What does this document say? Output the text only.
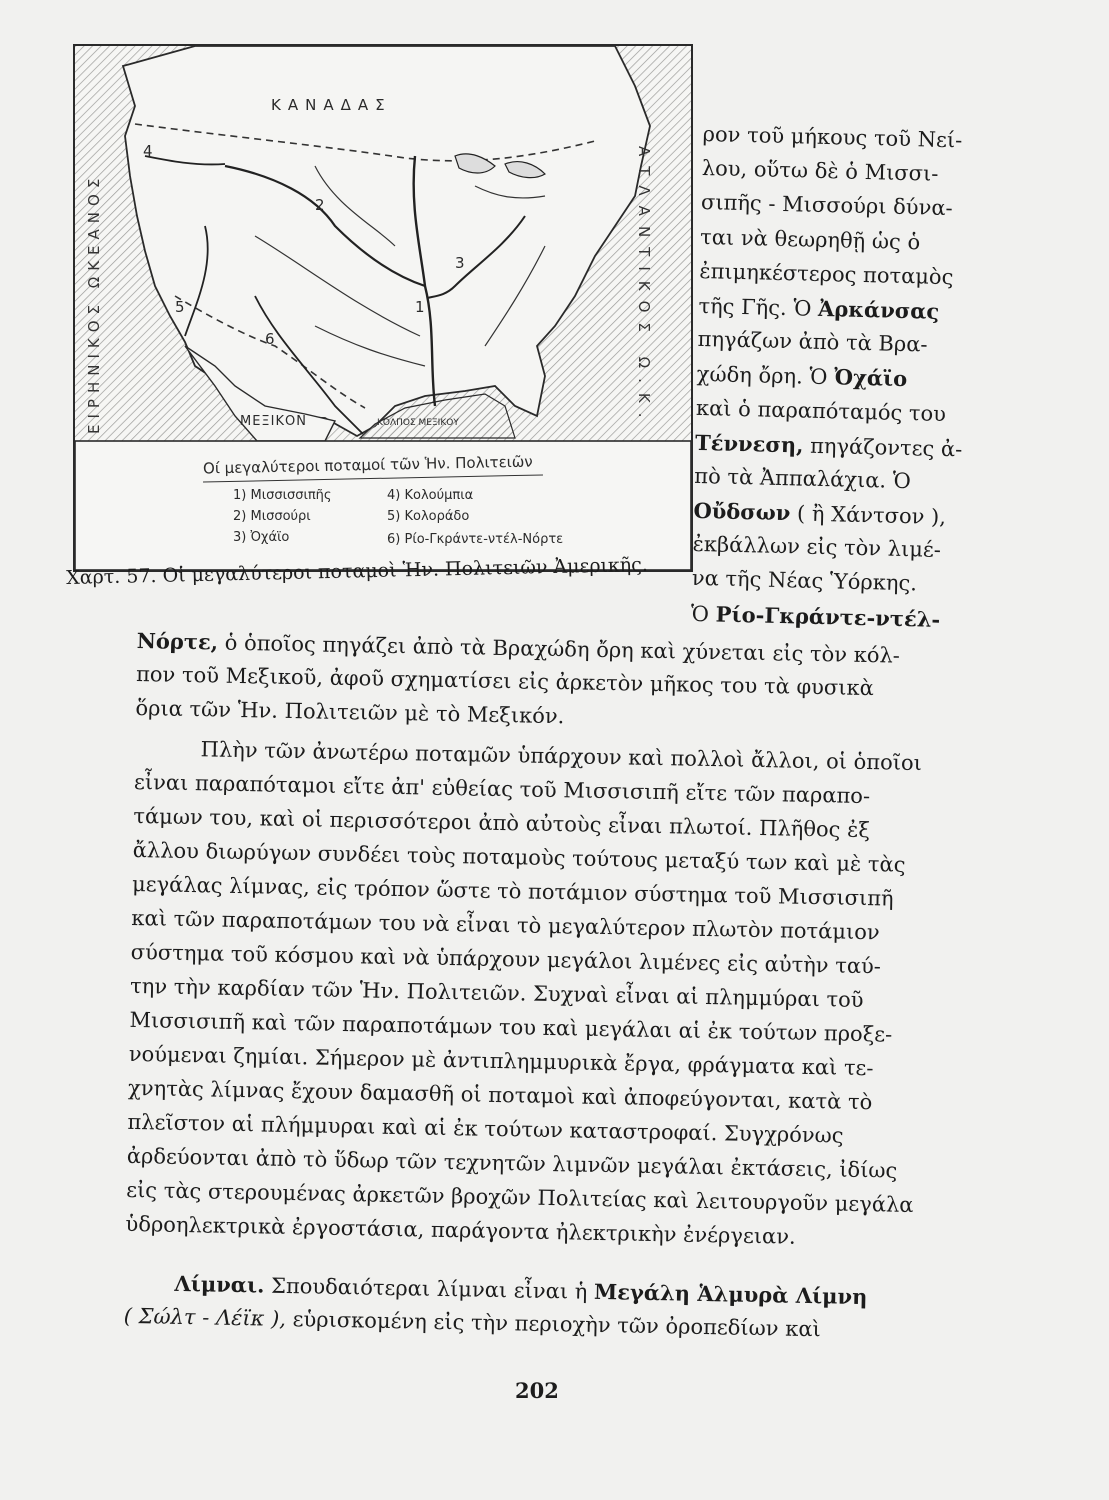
ΚΑΝΑΔΑΣ
ΜΕΞΙΚΟΝ	ΚΟΛΠΟΣ ΜΕΞΙΚΟΥ
ΕΙΡΗΝΙΚΟΣ ΩΚΕΑΝΟΣ	ΑΤΛΑΝΤΙΚΟΣ Ω.Κ.
1
2
3
4
5
6
Οί μεγαλύτεροι ποταμοί τῶν Ἡν. Πολιτειῶν
1) Μισσισσιπῆς
2) Μισσούρι
3) Ὀχάϊο
4) Κολούμπια
5) Κολοράδο
6) Ρίο-Γκράντε-ντέλ-Νόρτε
Χαρτ. 57. Οἱ μεγαλύτεροι ποταμοὶ Ἡν. Πολιτειῶν Ἀμερικῆς.
ρον τοῦ μήκους τοῦ Νεί-
λου, οὕτω δὲ ὁ Μισσι-
σιπῆς - Μισσούρι δύνα-
ται νὰ θεωρηθῇ ὡς ὁ
ἐπιμηκέστερος ποταμὸς
τῆς Γῆς. Ὁ Ἀρκάνσας
πηγάζων ἀπὸ τὰ Βρα-
χώδη ὄρη. Ὁ Ὀχάϊο
καὶ ὁ παραπόταμός του
Τέννεση, πηγάζοντες ἀ-
πὸ τὰ Ἀππαλάχια. Ὁ
Οὔδσων ( ἢ Χάντσον ),
ἐκβάλλων εἰς τὸν λιμέ-
να τῆς Νέας Ὑόρκης.
Ὁ Ρίο-Γκράντε-ντέλ-
Νόρτε, ὁ ὁποῖος πηγάζει ἀπὸ τὰ Βραχώδη ὄρη καὶ χύνεται εἰς τὸν κόλ-
πον τοῦ Μεξικοῦ, ἀφοῦ σχηματίσει εἰς ἀρκετὸν μῆκος του τὰ φυσικὰ
ὅρια τῶν Ἡν. Πολιτειῶν μὲ τὸ Μεξικόν.
Πλὴν τῶν ἀνωτέρω ποταμῶν ὑπάρχουν καὶ πολλοὶ ἄλλοι, οἱ ὁποῖοι
εἶναι παραπόταμοι εἴτε ἀπ' εὐθείας τοῦ Μισσισιπῆ εἴτε τῶν παραπο-
τάμων του, καὶ οἱ περισσότεροι ἀπὸ αὐτοὺς εἶναι πλωτοί. Πλῆθος ἐξ
ἄλλου διωρύγων συνδέει τοὺς ποταμοὺς τούτους μεταξύ των καὶ μὲ τὰς
μεγάλας λίμνας, εἰς τρόπον ὥστε τὸ ποτάμιον σύστημα τοῦ Μισσισιπῆ
καὶ τῶν παραποτάμων του νὰ εἶναι τὸ μεγαλύτερον πλωτὸν ποτάμιον
σύστημα τοῦ κόσμου καὶ νὰ ὑπάρχουν μεγάλοι λιμένες εἰς αὐτὴν ταύ-
την τὴν καρδίαν τῶν Ἡν. Πολιτειῶν. Συχναὶ εἶναι αἱ πλημμύραι τοῦ
Μισσισιπῆ καὶ τῶν παραποτάμων του καὶ μεγάλαι αἱ ἐκ τούτων προξε-
νούμεναι ζημίαι. Σήμερον μὲ ἀντιπλημμυρικὰ ἔργα, φράγματα καὶ τε-
χνητὰς λίμνας ἔχουν δαμασθῆ οἱ ποταμοὶ καὶ ἀποφεύγονται, κατὰ τὸ
πλεῖστον αἱ πλήμμυραι καὶ αἱ ἐκ τούτων καταστροφαί. Συγχρόνως
ἀρδεύονται ἀπὸ τὸ ὕδωρ τῶν τεχνητῶν λιμνῶν μεγάλαι ἐκτάσεις, ἰδίως
εἰς τὰς στερουμένας ἀρκετῶν βροχῶν Πολιτείας καὶ λειτουργοῦν μεγάλα
ὑδροηλεκτρικὰ ἐργοστάσια, παράγοντα ἠλεκτρικὴν ἐνέργειαν.
Λίμναι. Σπουδαιότεραι λίμναι εἶναι ἡ Μεγάλη Ἁλμυρὰ Λίμνη
( Σώλτ - Λέϊκ ), εὑρισκομένη εἰς τὴν περιοχὴν τῶν ὀροπεδίων καὶ
202
